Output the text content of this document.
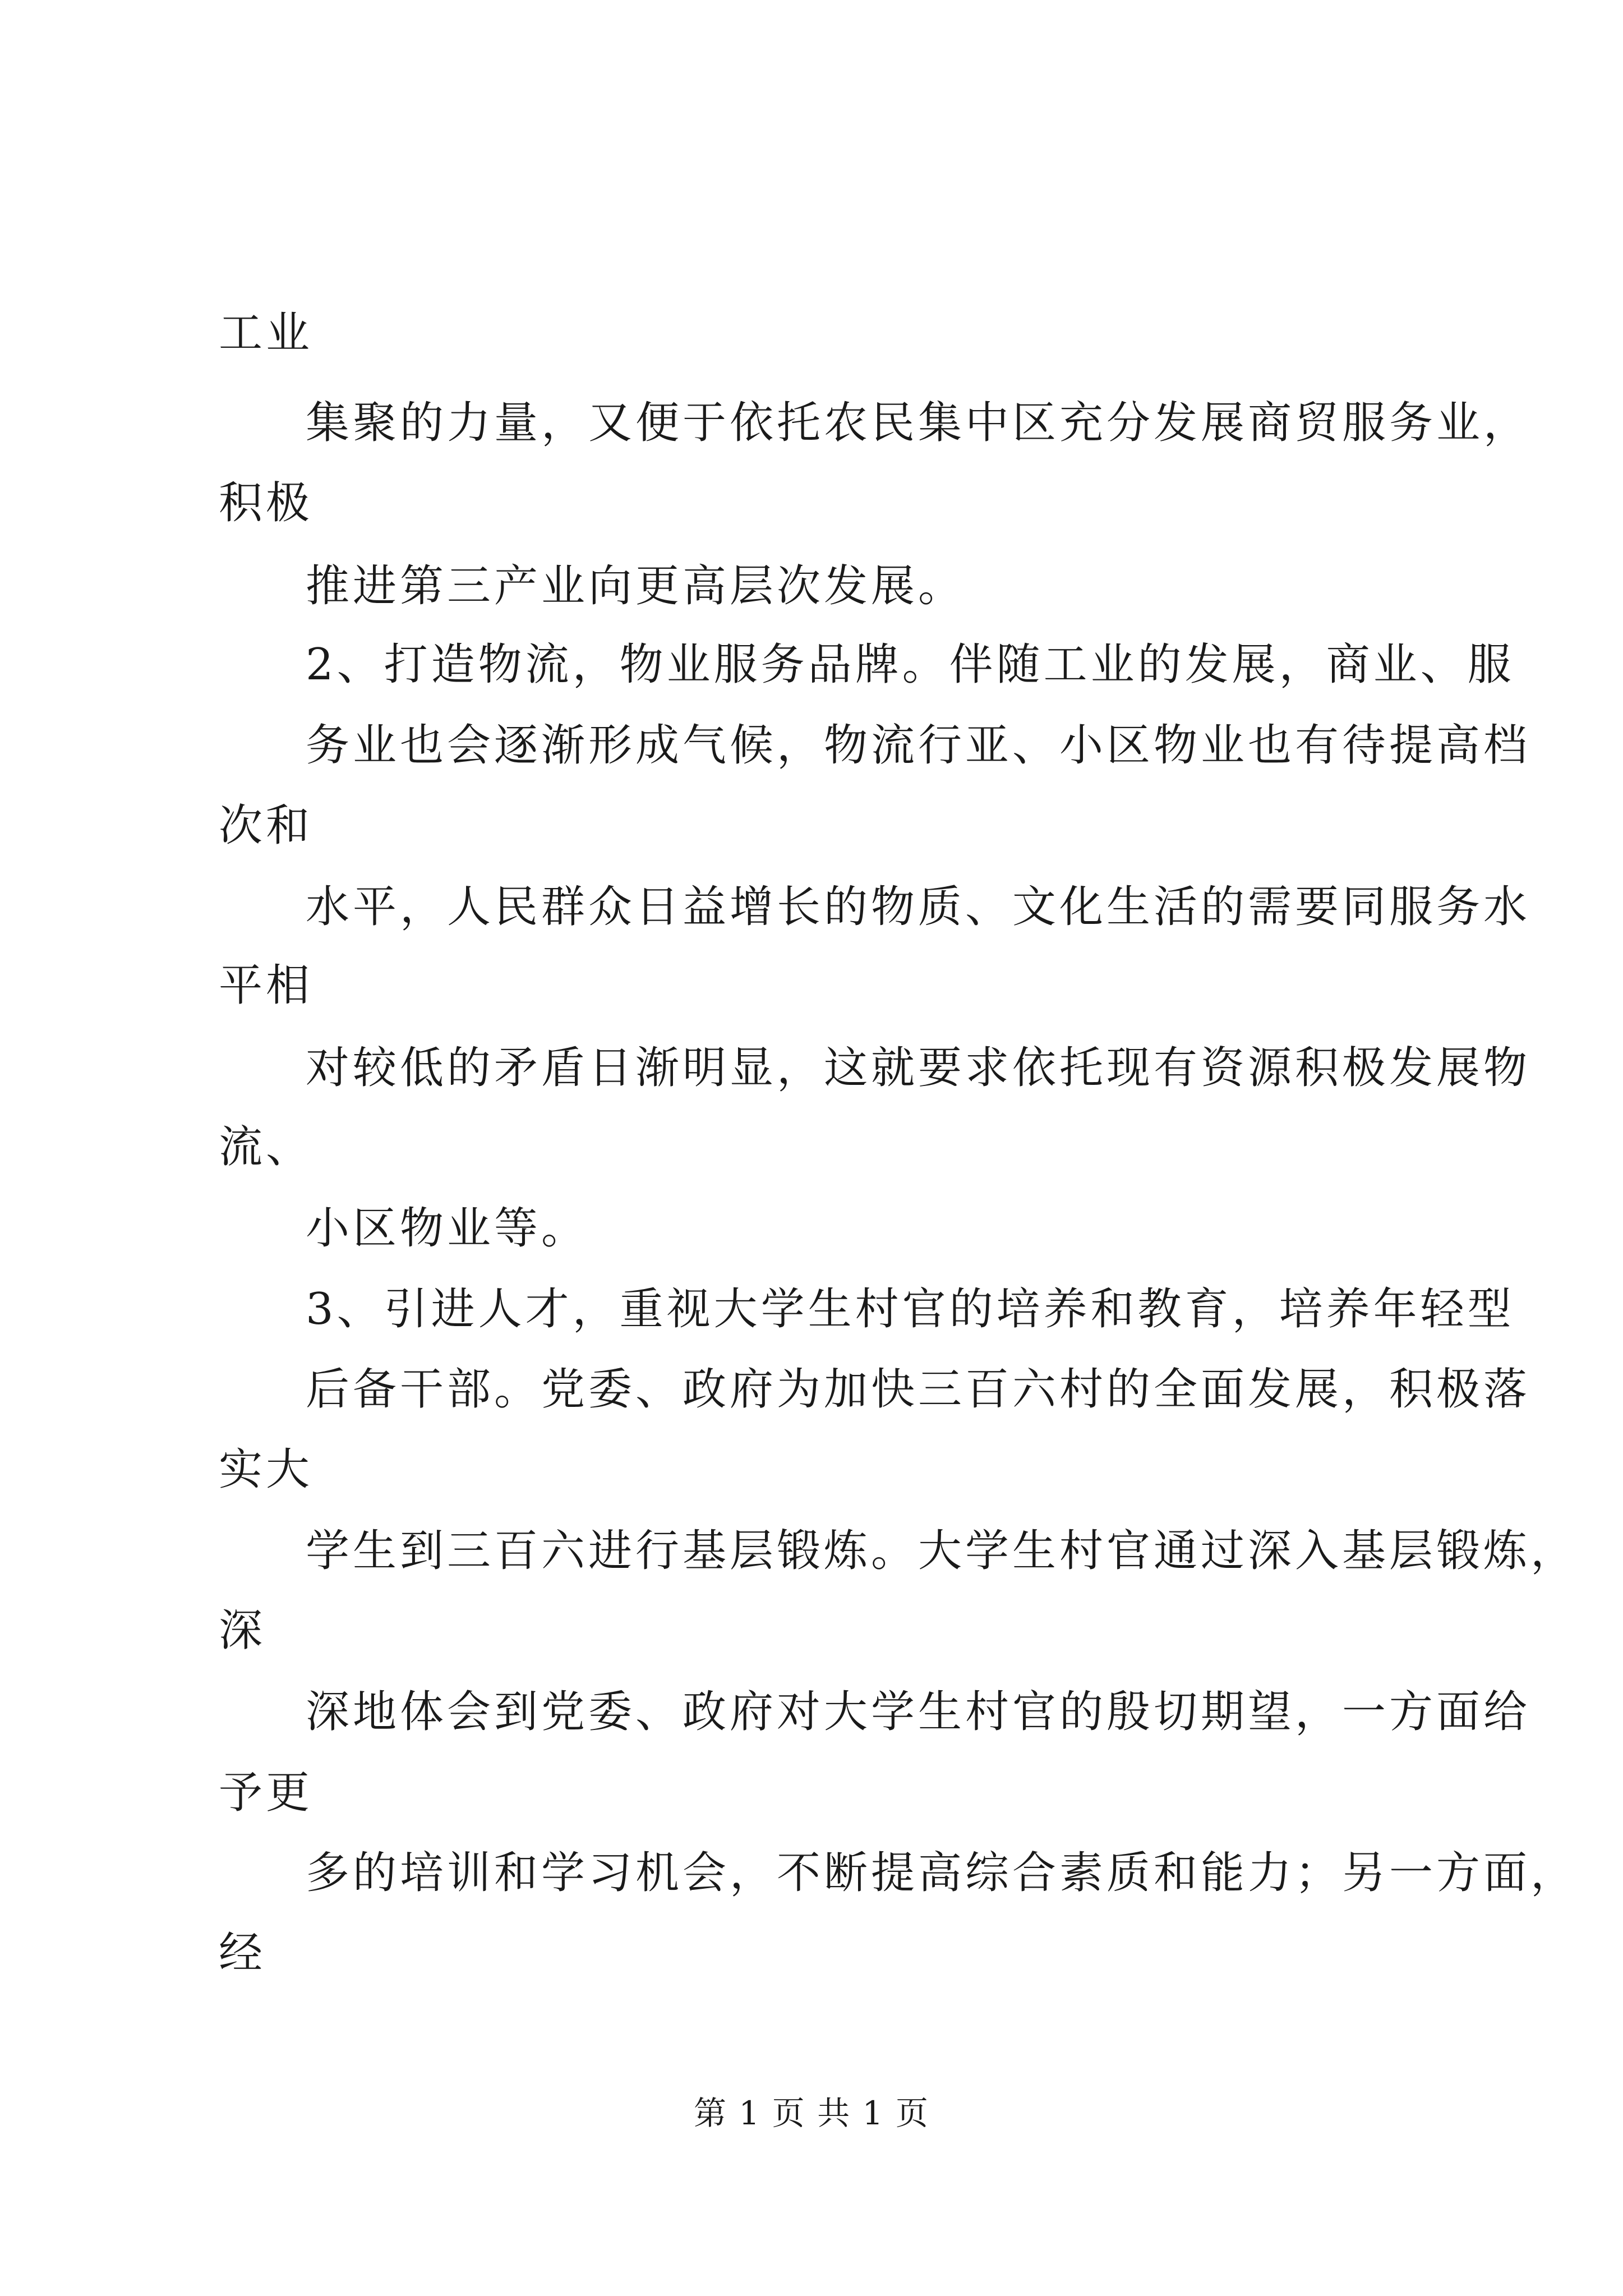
工业

集聚的力量，又便于依托农民集中区充分发展商贸服务业，

积极

推进第三产业向更高层次发展。

2、打造物流，物业服务品牌。伴随工业的发展，商业、服

务业也会逐渐形成气候，物流行亚、小区物业也有待提高档

次和

水平，人民群众日益增长的物质、文化生活的需要同服务水

平相

对较低的矛盾日渐明显，这就要求依托现有资源积极发展物

流、

小区物业等。

3、引进人才，重视大学生村官的培养和教育，培养年轻型

后备干部。党委、政府为加快三百六村的全面发展，积极落

实大

学生到三百六进行基层锻炼。大学生村官通过深入基层锻炼，

深

深地体会到党委、政府对大学生村官的殷切期望，一方面给

予更

多的培训和学习机会，不断提高综合素质和能力；另一方面，

经

第 1 页 共 1 页
